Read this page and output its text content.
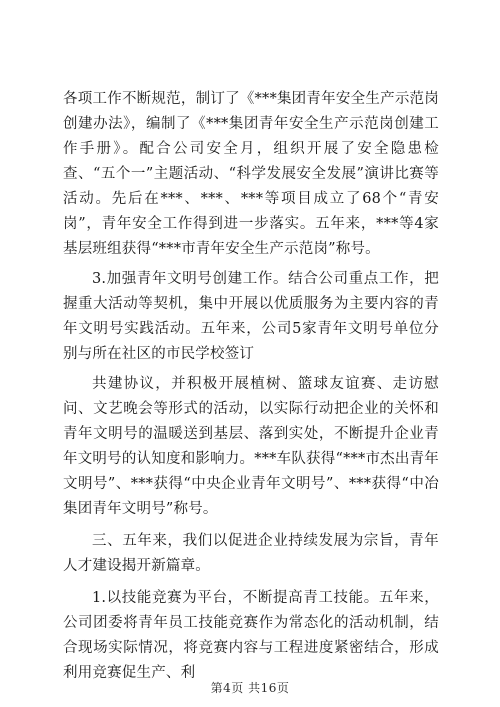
各项工作不断规范，制订了《***集团青年安全生产示范岗创建办法》，编制了《***集团青年安全生产示范岗创建工作手册》。配合公司安全月，组织开展了安全隐患检查、“五个一”主题活动、“科学发展安全发展”演讲比赛等活动。先后在***、***、***等项目成立了68个“青安岗”，青年安全工作得到进一步落实。五年来，***等4家基层班组获得“***市青年安全生产示范岗”称号。

3.加强青年文明号创建工作。结合公司重点工作，把握重大活动等契机，集中开展以优质服务为主要内容的青年文明号实践活动。五年来，公司5家青年文明号单位分别与所在社区的市民学校签订

共建协议，并积极开展植树、篮球友谊赛、走访慰问、文艺晚会等形式的活动，以实际行动把企业的关怀和青年文明号的温暖送到基层、落到实处，不断提升企业青年文明号的认知度和影响力。***车队获得“***市杰出青年文明号”、***获得“中央企业青年文明号”、***获得“中冶集团青年文明号”称号。

三、五年来，我们以促进企业持续发展为宗旨，青年人才建设揭开新篇章。

1.以技能竞赛为平台，不断提高青工技能。五年来，公司团委将青年员工技能竞赛作为常态化的活动机制，结合现场实际情况，将竞赛内容与工程进度紧密结合，形成利用竞赛促生产、利

第4页 共16页
